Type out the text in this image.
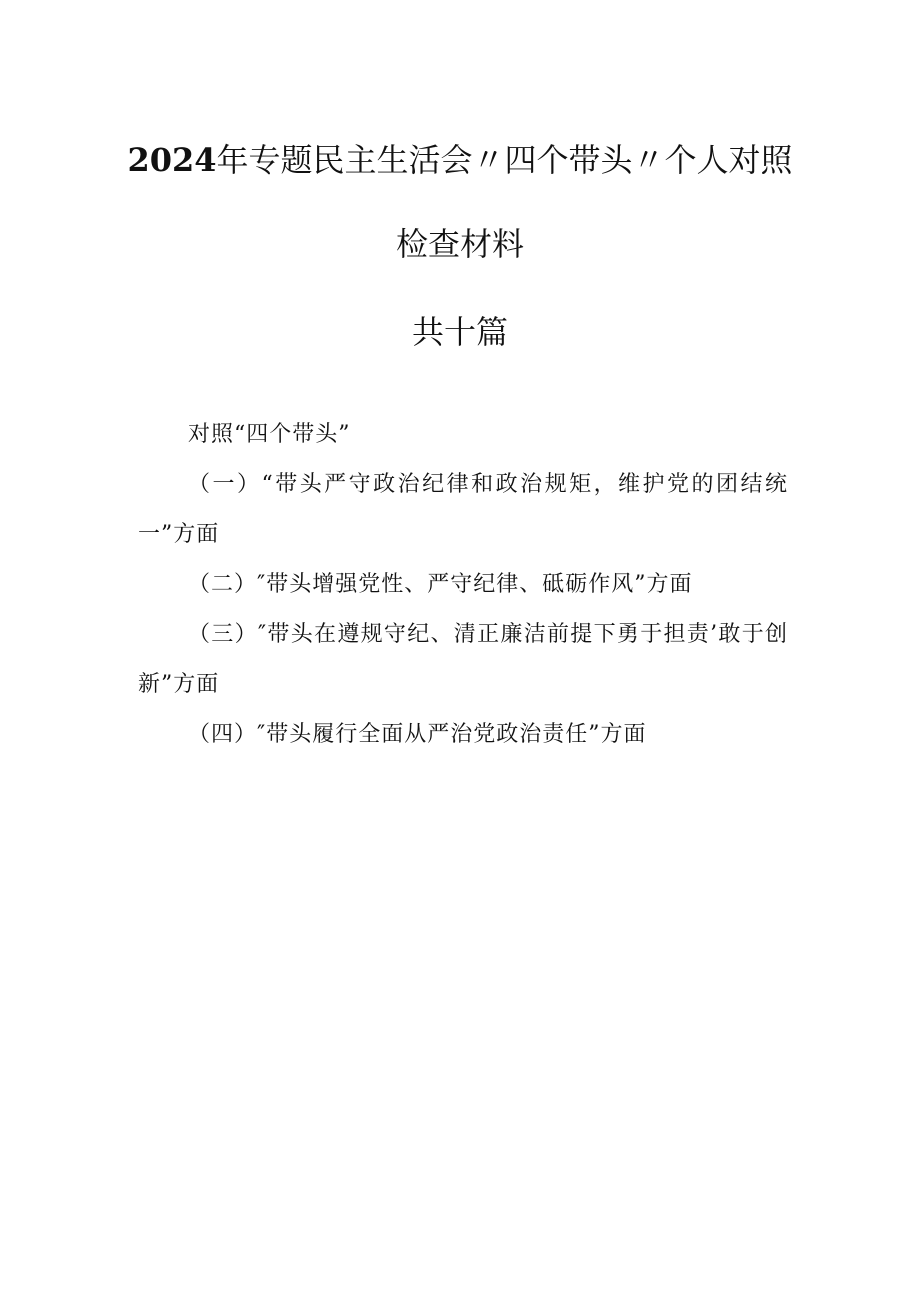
2024年专题民主生活会〃四个带头〃个人对照
检查材料
共十篇

对照“四个带头”

（一）“带头严守政治纪律和政治规矩，维护党的团结统一”方面

（二）″带头增强党性、严守纪律、砥砺作风”方面

（三）″带头在遵规守纪、清正廉洁前提下勇于担责’敢于创新”方面

（四）″带头履行全面从严治党政治责任”方面
